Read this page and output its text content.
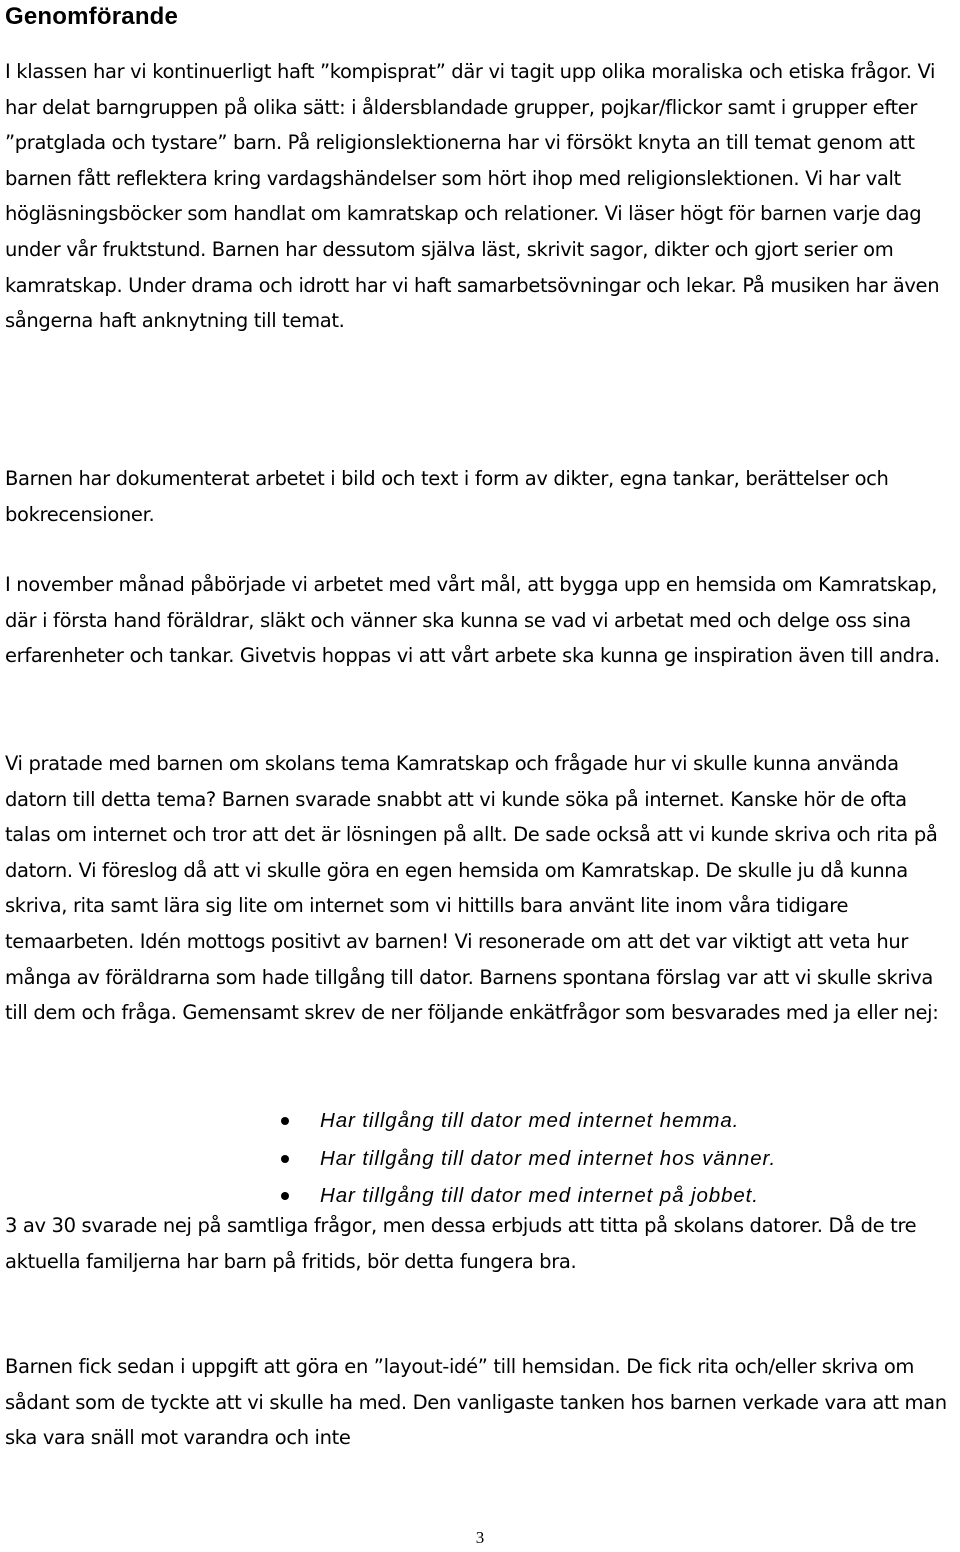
Genomförande

I klassen har vi kontinuerligt haft ”kompisprat” där vi tagit upp olika moraliska och etiska frågor. Vi har delat barngruppen på olika sätt: i åldersblandade grupper, pojkar/flickor samt i grupper efter ”pratglada och tystare” barn. På religionslektionerna har vi försökt knyta an till temat genom att barnen fått reflektera kring vardagshändelser som hört ihop med religionslektionen. Vi har valt högläsningsböcker som handlat om kamratskap och relationer. Vi läser högt för barnen varje dag under vår fruktstund. Barnen har dessutom själva läst, skrivit sagor, dikter och gjort serier om kamratskap. Under drama och idrott har vi haft samarbetsövningar och lekar. På musiken har även sångerna haft anknytning till temat.

Barnen har dokumenterat arbetet i bild och text i form av dikter, egna tankar, berättelser och bokrecensioner.

I november månad påbörjade vi arbetet med vårt mål, att bygga upp en hemsida om Kamratskap, där i första hand föräldrar, släkt och vänner ska kunna se vad vi arbetat med och delge oss sina erfarenheter och tankar. Givetvis hoppas vi att vårt arbete ska kunna ge inspiration även till andra.

Vi pratade med barnen om skolans tema Kamratskap och frågade hur vi skulle kunna använda datorn till detta tema? Barnen svarade snabbt att vi kunde söka på internet. Kanske hör de ofta talas om internet och tror att det är lösningen på allt. De sade också att vi kunde skriva och rita på datorn. Vi föreslog då att vi skulle göra en egen hemsida om Kamratskap. De skulle ju då kunna skriva, rita samt lära sig lite om internet som vi hittills bara använt lite inom våra tidigare temaarbeten. Idén mottogs positivt av barnen! Vi resonerade om att det var viktigt att veta hur många av föräldrarna som hade tillgång till dator. Barnens spontana förslag var att vi skulle skriva till dem och fråga. Gemensamt skrev de ner följande enkätfrågor som besvarades med ja eller nej:

Har tillgång till dator med internet hemma.
Har tillgång till dator med internet hos vänner.
Har tillgång till dator med internet på jobbet.

3 av 30 svarade nej på samtliga frågor, men dessa erbjuds att titta på skolans datorer. Då de tre aktuella familjerna har barn på fritids, bör detta fungera bra.

Barnen fick sedan i uppgift att göra en ”layout-idé” till hemsidan. De fick rita och/eller skriva om sådant som de tyckte att vi skulle ha med. Den vanligaste tanken hos barnen verkade vara att man ska vara snäll mot varandra och inte

3
